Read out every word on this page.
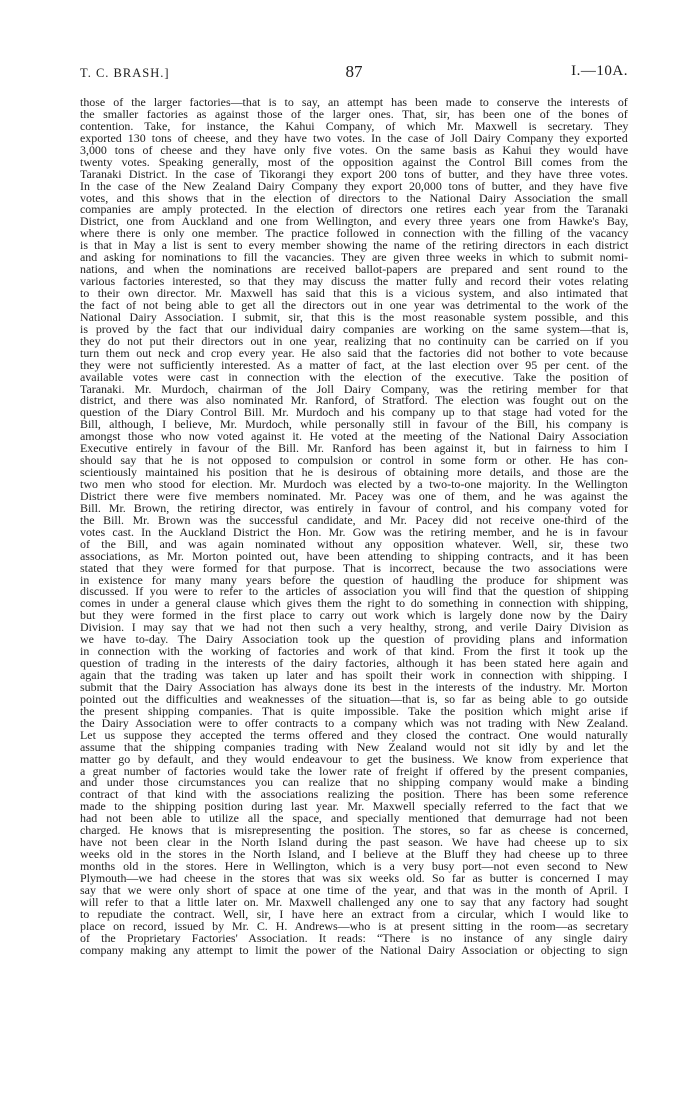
T. C. BRASH.]	87	I.—10A.
those of the larger factories—that is to say, an attempt has been made to conserve the interests of
the smaller factories as against those of the larger ones. That, sir, has been one of the bones of
contention. Take, for instance, the Kahui Company, of which Mr. Maxwell is secretary. They
exported 130 tons of cheese, and they have two votes. In the case of Joll Dairy Company they exported
3,000 tons of cheese and they have only five votes. On the same basis as Kahui they would have
twenty votes. Speaking generally, most of the opposition against the Control Bill comes from the
Taranaki District. In the case of Tikorangi they export 200 tons of butter, and they have three votes.
In the case of the New Zealand Dairy Company they export 20,000 tons of butter, and they have five
votes, and this shows that in the election of directors to the National Dairy Association the small
companies are amply protected. In the election of directors one retires each year from the Taranaki
District, one from Auckland and one from Wellington, and every three years one from Hawke's Bay,
where there is only one member. The practice followed in connection with the filling of the vacancy
is that in May a list is sent to every member showing the name of the retiring directors in each district
and asking for nominations to fill the vacancies. They are given three weeks in which to submit nomi-
nations, and when the nominations are received ballot-papers are prepared and sent round to the
various factories interested, so that they may discuss the matter fully and record their votes relating
to their own director. Mr. Maxwell has said that this is a vicious system, and also intimated that
the fact of not being able to get all the directors out in one year was detrimental to the work of the
National Dairy Association. I submit, sir, that this is the most reasonable system possible, and this
is proved by the fact that our individual dairy companies are working on the same system—that is,
they do not put their directors out in one year, realizing that no continuity can be carried on if you
turn them out neck and crop every year. He also said that the factories did not bother to vote because
they were not sufficiently interested. As a matter of fact, at the last election over 95 per cent. of the
available votes were cast in connection with the election of the executive. Take the position of
Taranaki. Mr. Murdoch, chairman of the Joll Dairy Company, was the retiring member for that
district, and there was also nominated Mr. Ranford, of Stratford. The election was fought out on the
question of the Diary Control Bill. Mr. Murdoch and his company up to that stage had voted for the
Bill, although, I believe, Mr. Murdoch, while personally still in favour of the Bill, his company is
amongst those who now voted against it. He voted at the meeting of the National Dairy Association
Executive entirely in favour of the Bill. Mr. Ranford has been against it, but in fairness to him I
should say that he is not opposed to compulsion or control in some form or other. He has con-
scientiously maintained his position that he is desirous of obtaining more details, and those are the
two men who stood for election. Mr. Murdoch was elected by a two-to-one majority. In the Wellington
District there were five members nominated. Mr. Pacey was one of them, and he was against the
Bill. Mr. Brown, the retiring director, was entirely in favour of control, and his company voted for
the Bill. Mr. Brown was the successful candidate, and Mr. Pacey did not receive one-third of the
votes cast. In the Auckland District the Hon. Mr. Gow was the retiring member, and he is in favour
of the Bill, and was again nominated without any opposition whatever. Well, sir, these two
associations, as Mr. Morton pointed out, have been attending to shipping contracts, and it has been
stated that they were formed for that purpose. That is incorrect, because the two associations were
in existence for many many years before the question of haudling the produce for shipment was
discussed. If you were to refer to the articles of association you will find that the question of shipping
comes in under a general clause which gives them the right to do something in connection with shipping,
but they were formed in the first place to carry out work which is largely done now by the Dairy
Division. I may say that we had not then such a very healthy, strong, and verile Dairy Division as
we have to-day. The Dairy Association took up the question of providing plans and information
in connection with the working of factories and work of that kind. From the first it took up the
question of trading in the interests of the dairy factories, although it has been stated here again and
again that the trading was taken up later and has spoilt their work in connection with shipping. I
submit that the Dairy Association has always done its best in the interests of the industry. Mr. Morton
pointed out the difficulties and weaknesses of the situation—that is, so far as being able to go outside
the present shipping companies. That is quite impossible. Take the position which might arise if
the Dairy Association were to offer contracts to a company which was not trading with New Zealand.
Let us suppose they accepted the terms offered and they closed the contract. One would naturally
assume that the shipping companies trading with New Zealand would not sit idly by and let the
matter go by default, and they would endeavour to get the business. We know from experience that
a great number of factories would take the lower rate of freight if offered by the present companies,
and under those circumstances you can realize that no shipping company would make a binding
contract of that kind with the associations realizing the position. There has been some reference
made to the shipping position during last year. Mr. Maxwell specially referred to the fact that we
had not been able to utilize all the space, and specially mentioned that demurrage had not been
charged. He knows that is misrepresenting the position. The stores, so far as cheese is concerned,
have not been clear in the North Island during the past season. We have had cheese up to six
weeks old in the stores in the North Island, and I believe at the Bluff they had cheese up to three
months old in the stores. Here in Wellington, which is a very busy port—not even second to New
Plymouth—we had cheese in the stores that was six weeks old. So far as butter is concerned I may
say that we were only short of space at one time of the year, and that was in the month of April. I
will refer to that a little later on. Mr. Maxwell challenged any one to say that any factory had sought
to repudiate the contract. Well, sir, I have here an extract from a circular, which I would like to
place on record, issued by Mr. C. H. Andrews—who is at present sitting in the room—as secretary
of the Proprietary Factories' Association. It reads: “There is no instance of any single dairy
company making any attempt to limit the power of the National Dairy Association or objecting to sign
